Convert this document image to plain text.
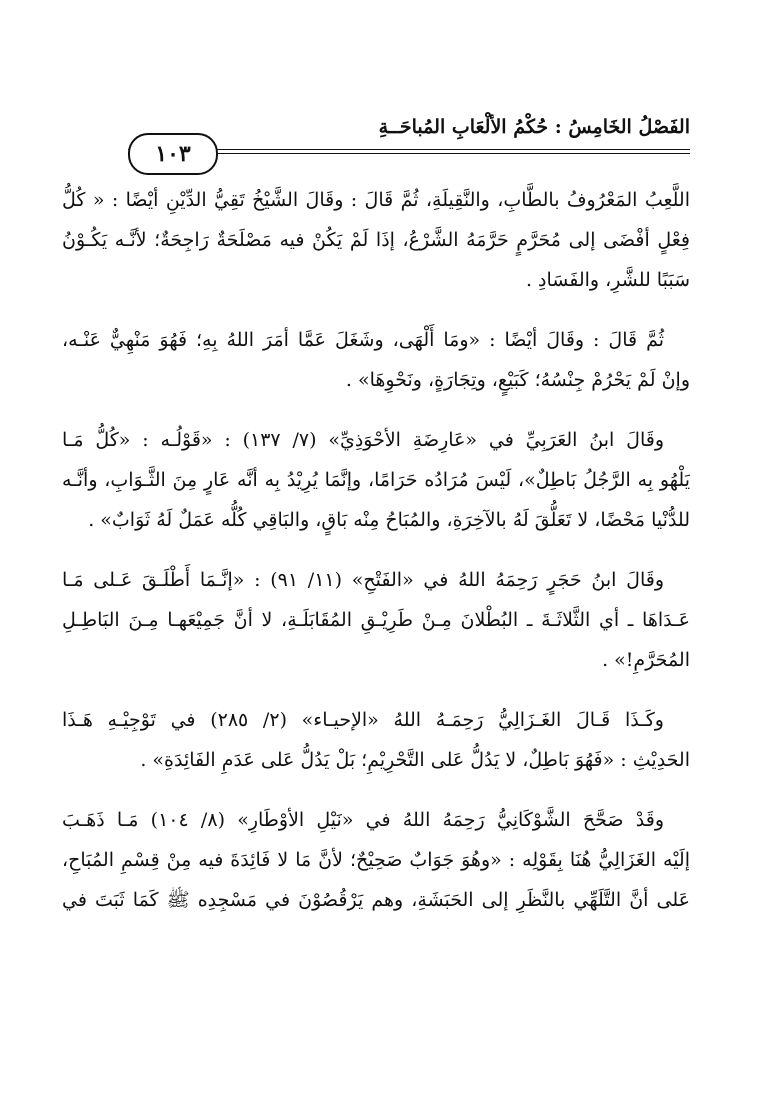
الفَصْلُ الخَامِسُ : حُكْمُ الألْعَابِ المُباحَــةِ
١٠٣
اللَّعِبُ المَعْرُوفُ بالطَّابِ، والنَّقِيلَةِ، ثُمَّ قَالَ : وقَالَ الشَّيْخُ تَقِيُّ الدِّيْنِ أيْضًا : « كُلُّ
فِعْلٍ أفْضَى إلى مُحَرَّمٍ حَرَّمَهُ الشَّرْعُ، إذَا لَمْ يَكُنْ فيه مَصْلَحَةٌ رَاجِحَةٌ؛ لأنَّـه يَكُـوْنُ
سَبَبًا للشَّرِ، والفَسَادِ .
ثُمَّ قَالَ : وقَالَ أيْضًا : «ومَا أَلْهَى، وشَغَلَ عَمَّا أمَرَ اللهُ بِهِ؛ فَهُوَ مَنْهِيٌّ عَنْـه،
وإنْ لَمْ يَحْرُمْ جِنْسُهُ؛ كَبَيْعٍ، وتِجَارَةٍ، ونَحْوِهَا» .
وقَالَ ابنُ العَرَبِيِّ في «عَارِضَةِ الأحْوَذِيِّ» (٧/ ١٣٧) : «قَوْلُـه : «كُلُّ مَـا
يَلْهُو بِه الرَّجُلُ بَاطِلٌ»، لَيْسَ مُرَادُه حَرَامًا، وإنَّمَا يُرِيْدُ بِه أنَّه عَارٍ مِنَ الثَّـوَابِ، وأنَّـه
للدُّنْيا مَحْضًا، لا تَعَلُّقَ لَهُ بالآخِرَةِ، والمُبَاحُ مِنْه بَاقٍ، والبَاقِي كُلُّه عَمَلٌ لَهُ ثَوَابٌ» .
وقَالَ ابنُ حَجَرٍ رَحِمَهُ اللهُ في «الفَتْحِ» (١١/ ٩١) : «إنَّـمَا أَطْلَـقَ عَـلى مَـا
عَـدَاهَا ـ أي الثَّلاثَـةَ ـ البُطْلانَ مِـنْ طَرِيْـقِ المُقَابَلَـةِ، لا أنَّ جَمِيْعَهـا مِـنَ البَاطِـلِ
المُحَرَّمِ!» .
وكَـذَا قَـالَ الغَـزَالِيُّ رَحِمَـهُ اللهُ «الإحيـاء» (٢/ ٢٨٥) في تَوْجِيْـهِ هَـذَا
الحَدِيْثِ : «فَهُوَ بَاطِلٌ، لا يَدُلُّ عَلى التَّحْرِيْمِ؛ بَلْ يَدُلُّ عَلى عَدَمِ الفَائِدَةِ» .
وقَدْ صَحَّحَ الشَّوْكَانِيُّ رَحِمَهُ اللهُ في «نَيْلِ الأوْطَارِ» (٨/ ١٠٤) مَـا ذَهَـبَ
إلَيْه الغَزَالِيُّ هُنَا بِقَوْلِه : «وهُوَ جَوَابٌ صَحِيْحٌ؛ لأنَّ مَا لا فَائِدَةَ فيه مِنْ قِسْمِ المُبَاحِ،
عَلى أنَّ التَّلَهِّي بالنَّظَرِ إلى الحَبَشَةِ، وهم يَرْقُصُوْنَ في مَسْجِدِه ﷺ كَمَا ثَبَتَ في
